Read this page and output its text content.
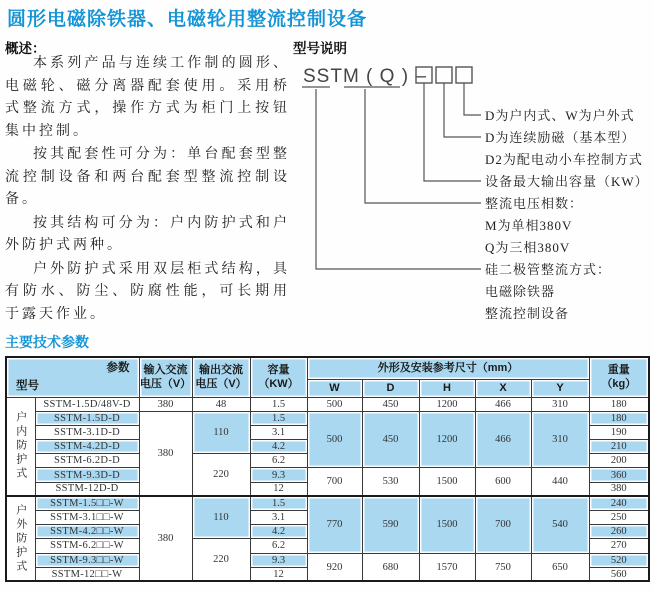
圆形电磁除铁器、电磁轮用整流控制设备
概述：

本系列产品与连续工作制的圆形、电磁轮、磁分离器配套使用。采用桥式整流方式，操作方式为柜门上按钮集中控制。

按其配套性可分为：单台配套型整流控制设备和两台配套型整流控制设备。

按其结构可分为：户内防护式和户外防护式两种。

户外防护式采用双层柜式结构，具有防水、防尘、防腐性能，可长期用于露天作业。

型号说明
SSTM ( Q ) –
D为户内式、W为户外式
D为连续励磁（基本型）
D2为配电动小车控制方式
设备最大输出容量（KW）
整流电压相数：
M为单相380V
Q为三相380V
硅二极管整流方式：
电磁除铁器
整流控制设备
主要技术参数
参数
型号

输入交流
电压（V）

输出交流
电压（V）

容量
（KW）
	外形及安装参考尺寸（mm）	重量
（kg）

					W	D	H	X	Y	

户内防护式	SSTM-1.5D/48V-D	380	48	1.5	500	450	1200	466	310	180
	SSTM-1.5D-D	380	110	1.5	500	450	1200	466	310	180
	SSTM-3.1D-D			3.1						190
	SSTM-4.2D-D			4.2						210
	SSTM-6.2D-D		220	6.2						200
	SSTM-9.3D-D			9.3	700	530	1500	600	440	360
	SSTM-12D-D			12						380

户外防护式	SSTM-1.5□□-W	380	110	1.5	770	590	1500	700	540	240
	SSTM-3.1□□-W			3.1						250
	SSTM-4.2□□-W			4.2						260
	SSTM-6.2□□-W		220	6.2						270
	SSTM-9.3□□-W			9.3	920	680	1570	750	650	520
	SSTM-12□□-W			12						560
